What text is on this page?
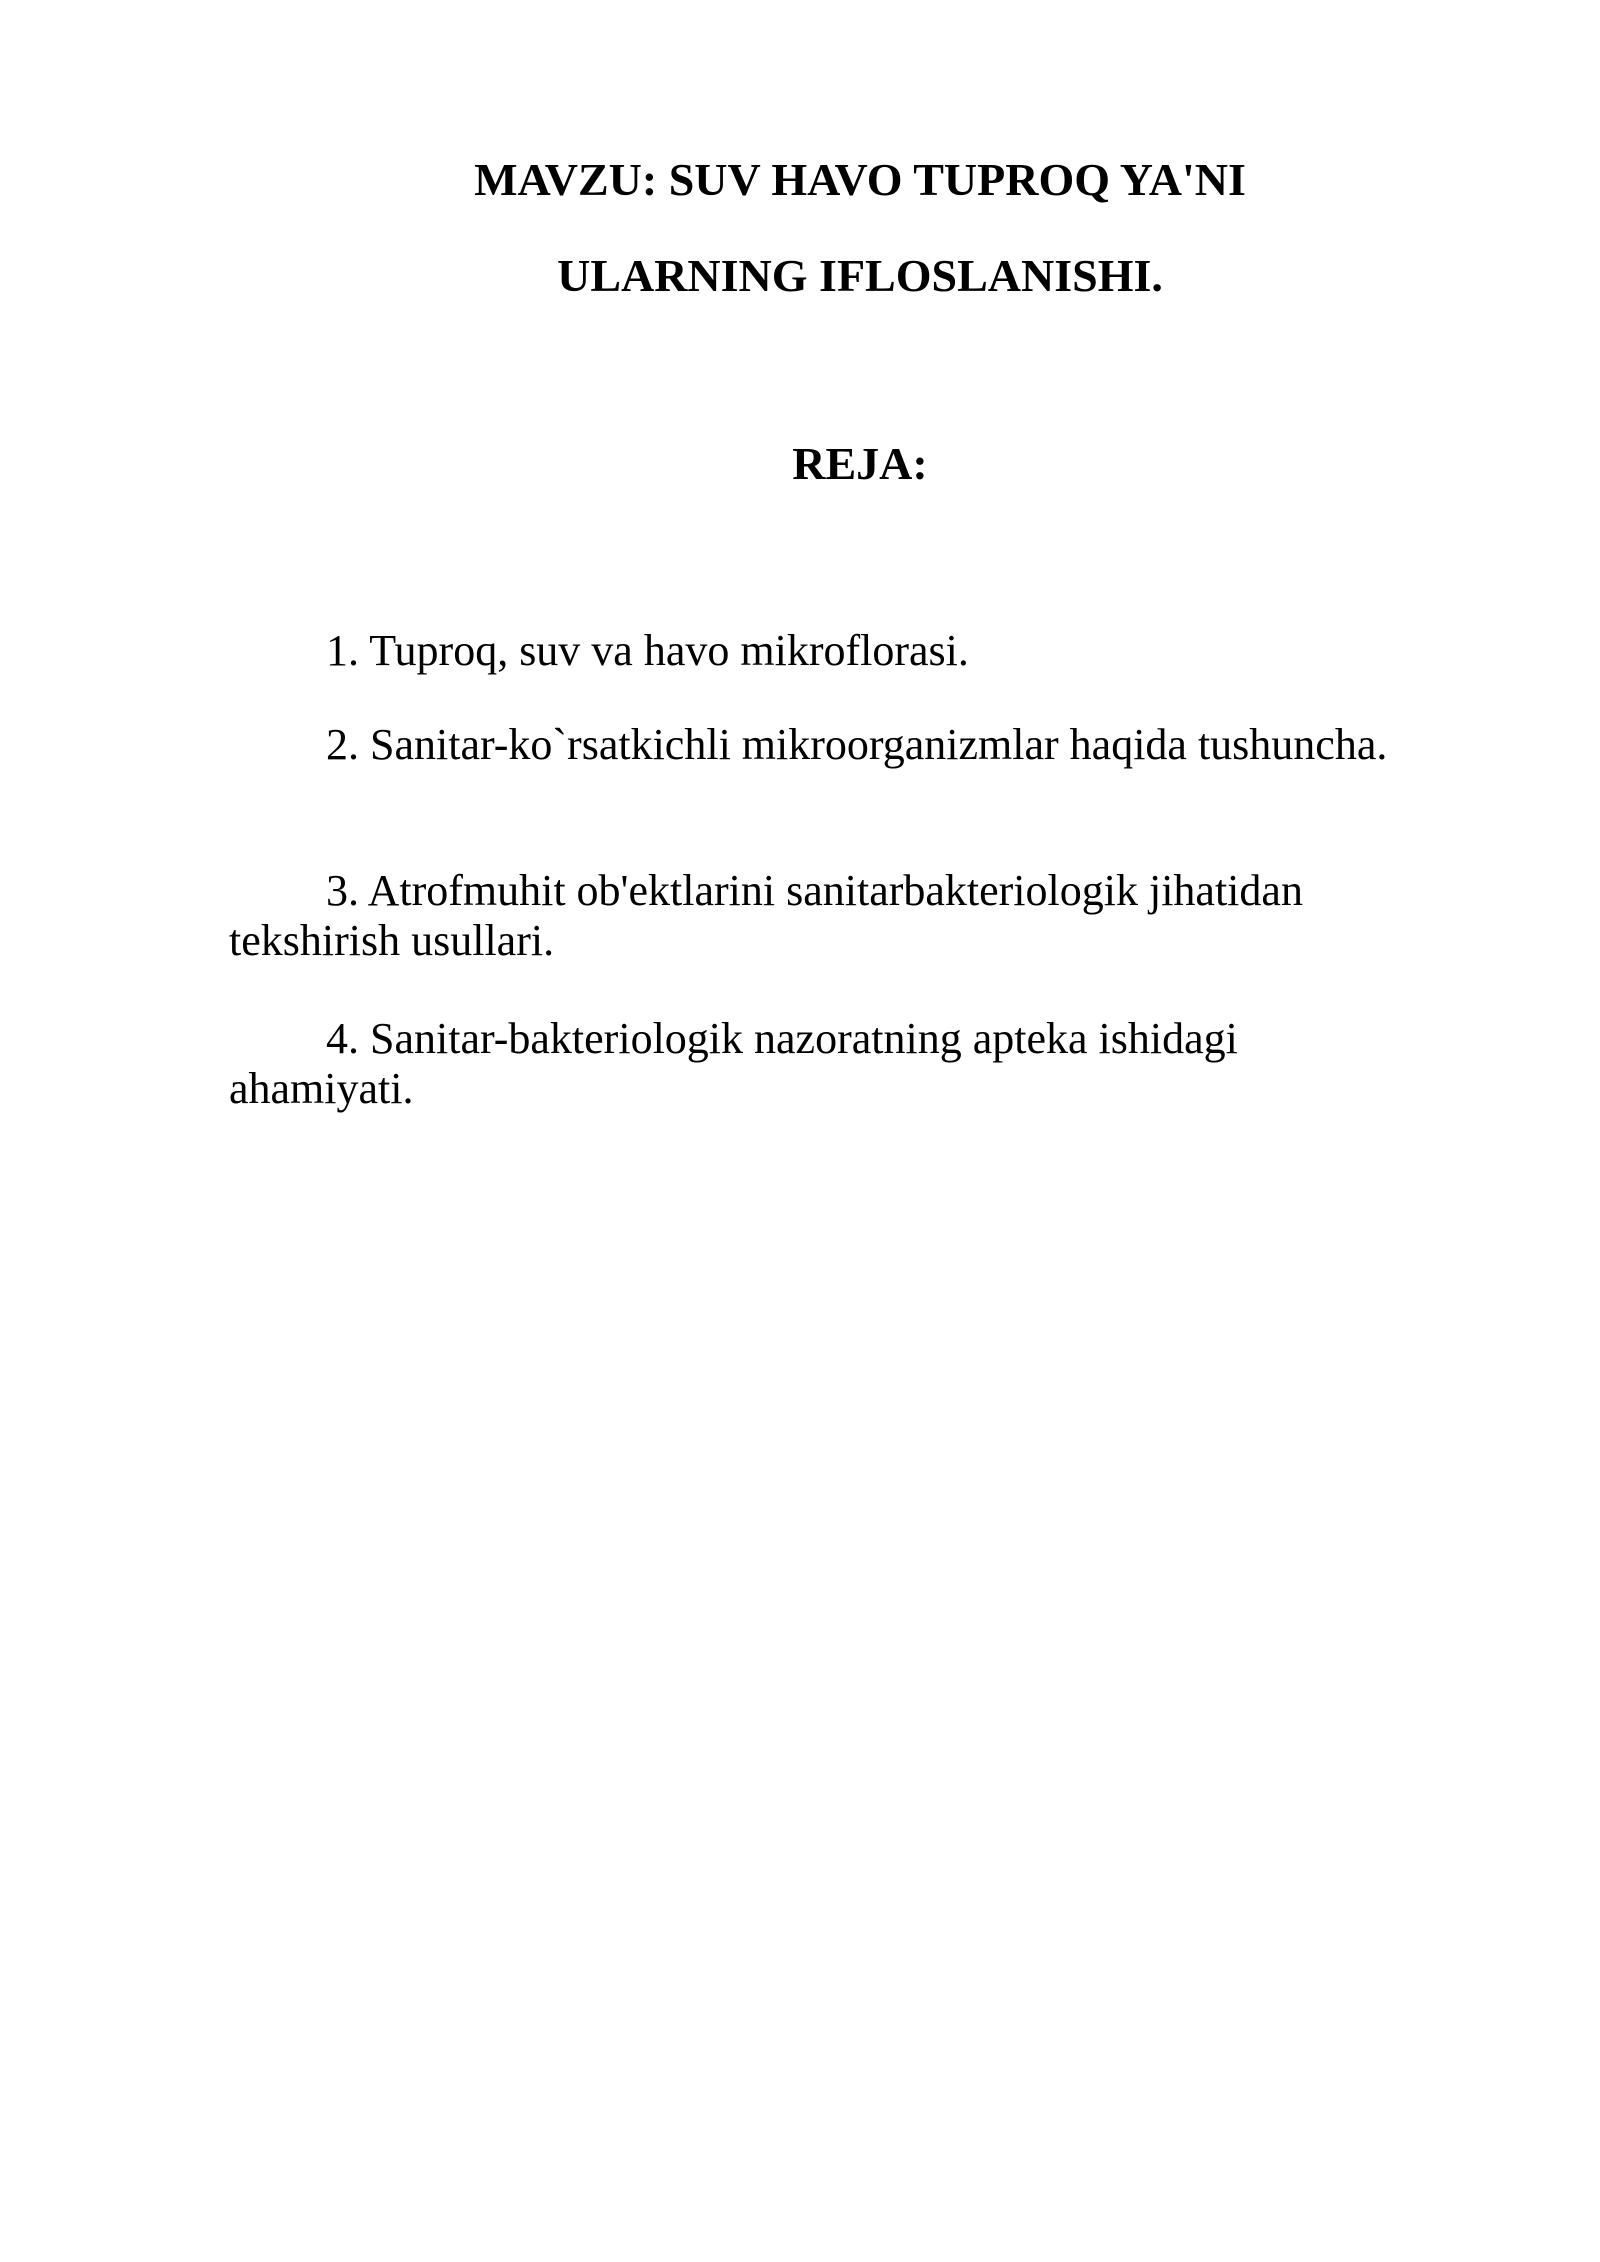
MAVZU: SUV HAVO TUPROQ YA'NI
ULARNING IFLOSLANISHI.
REJA:
1. Tuproq, suv va havo mikroflorasi.
2. Sanitar-ko`rsatkichli mikroorganizmlar haqida tushuncha.
3. Atrofmuhit ob'ektlarini sanitarbakteriologik jihatidan tekshirish usullari.
4. Sanitar-bakteriologik nazoratning apteka ishidagi ahamiyati.
